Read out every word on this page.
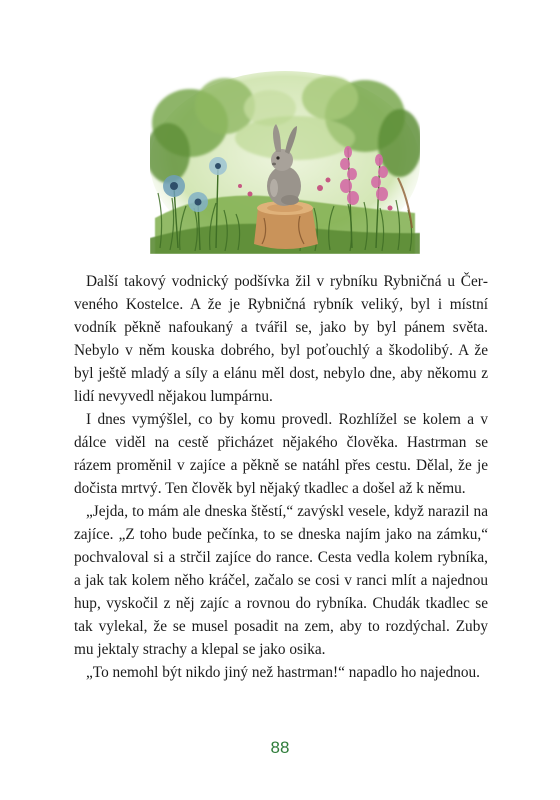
Další takový vodnický podšívka žil v rybníku Rybničná u Červeného Kostelce. A že je Rybničná rybník veliký, byl i místní vodník pěkně nafoukaný a tvářil se, jako by byl pánem světa. Nebylo v něm kouska dobrého, byl poťouchlý a škodolibý. A že byl ještě mladý a síly a elánu měl dost, nebylo dne, aby někomu z lidí nevyvedl nějakou lumpárnu.

I dnes vymýšlel, co by komu provedl. Rozhlížel se kolem a v dálce viděl na cestě přicházet nějakého člověka. Hastrman se rázem proměnil v zajíce a pěkně se natáhl přes cestu. Dělal, že je dočista mrtvý. Ten člověk byl nějaký tkadlec a došel až k němu.

„Jejda, to mám ale dneska štěstí,“ zavýskl vesele, když narazil na zajíce. „Z toho bude pečínka, to se dneska najím jako na zámku,“ pochvaloval si a strčil zajíce do rance. Cesta vedla kolem rybníka, a jak tak kolem něho kráčel, začalo se cosi v ranci mlít a najednou hup, vyskočil z něj zajíc a rovnou do rybníka. Chudák tkadlec se tak vylekal, že se musel posadit na zem, aby to rozdýchal. Zuby mu jektaly strachy a klepal se jako osika.

„To nemohl být nikdo jiný než hastrman!“ napadlo ho najednou.

88
